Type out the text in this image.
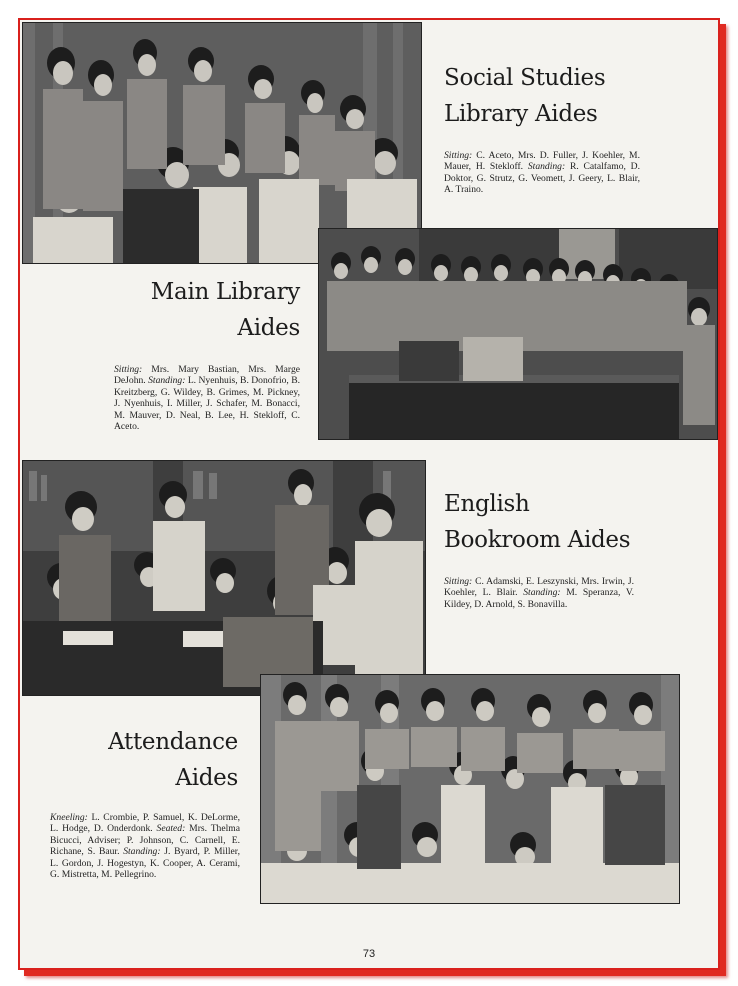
Social Studies
Library Aides

Sitting: C. Aceto, Mrs. D. Fuller, J. Koehler, M. Mauer, H. Stekloff. Standing: R. Catalfamo, D. Doktor, G. Strutz, G. Veomett, J. Geery, L. Blair, A. Traino.

Main Library
Aides

Sitting: Mrs. Mary Bastian, Mrs. Marge DeJohn. Standing: L. Nyenhuis, B. Donofrio, B. Kreitzberg, G. Wildey, B. Grimes, M. Pickney, J. Nyenhuis, I. Miller, J. Schafer, M. Bonacci, M. Mauver, D. Neal, B. Lee, H. Stekloff, C. Aceto.

English
Bookroom Aides

Sitting: C. Adamski, E. Leszynski, Mrs. Irwin, J. Koehler, L. Blair. Standing: M. Speranza, V. Kildey, D. Arnold, S. Bonavilla.

Attendance
Aides

Kneeling: L. Crombie, P. Samuel, K. DeLorme, L. Hodge, D. Onderdonk. Seated: Mrs. Thelma Bicucci, Adviser; P. Johnson, C. Carnell, E. Richane, S. Baur. Standing: J. Byard, P. Miller, L. Gordon, J. Hogestyn, K. Cooper, A. Cerami, G. Mistretta, M. Pellegrino.

73
